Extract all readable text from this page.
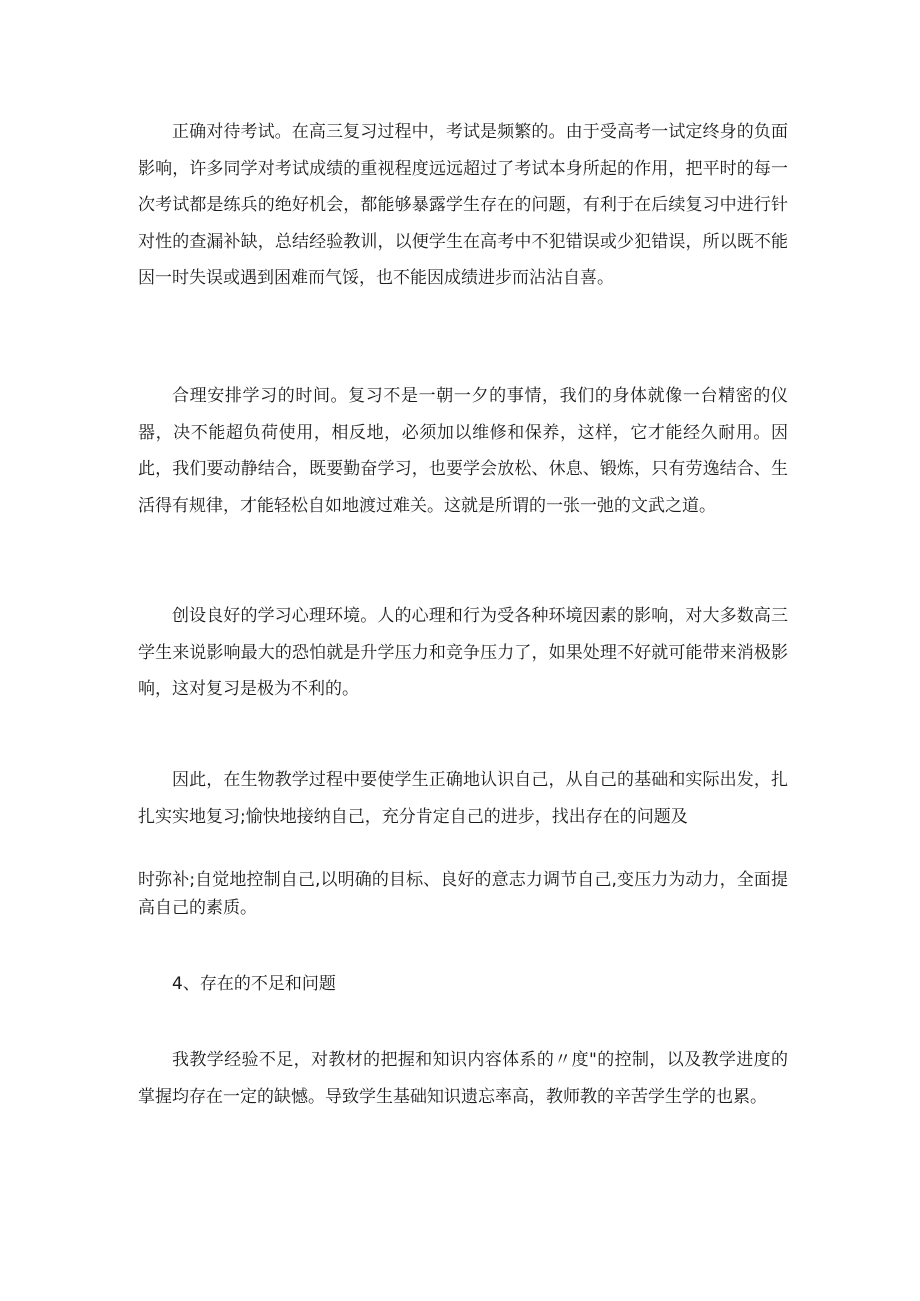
正确对待考试。在高三复习过程中，考试是频繁的。由于受高考一试定终身的负面影响，许多同学对考试成绩的重视程度远远超过了考试本身所起的作用，把平时的每一次考试都是练兵的绝好机会，都能够暴露学生存在的问题，有利于在后续复习中进行针对性的查漏补缺，总结经验教训，以便学生在高考中不犯错误或少犯错误，所以既不能因一时失误或遇到困难而气馁，也不能因成绩进步而沾沾自喜。

合理安排学习的时间。复习不是一朝一夕的事情，我们的身体就像一台精密的仪器，决不能超负荷使用，相反地，必须加以维修和保养，这样，它才能经久耐用。因此，我们要动静结合，既要勤奋学习，也要学会放松、休息、锻炼，只有劳逸结合、生活得有规律，才能轻松自如地渡过难关。这就是所谓的一张一弛的文武之道。

创设良好的学习心理环境。人的心理和行为受各种环境因素的影响，对大多数高三学生来说影响最大的恐怕就是升学压力和竞争压力了，如果处理不好就可能带来消极影响，这对复习是极为不利的。

因此，在生物教学过程中要使学生正确地认识自己，从自己的基础和实际出发，扎扎实实地复习;愉快地接纳自己，充分肯定自己的进步，找出存在的问题及

时弥补;自觉地控制自己,以明确的目标、良好的意志力调节自己,变压力为动力，全面提高自己的素质。

4、存在的不足和问题

我教学经验不足，对教材的把握和知识内容体系的〃度"的控制，以及教学进度的掌握均存在一定的缺憾。导致学生基础知识遗忘率高，教师教的辛苦学生学的也累。
